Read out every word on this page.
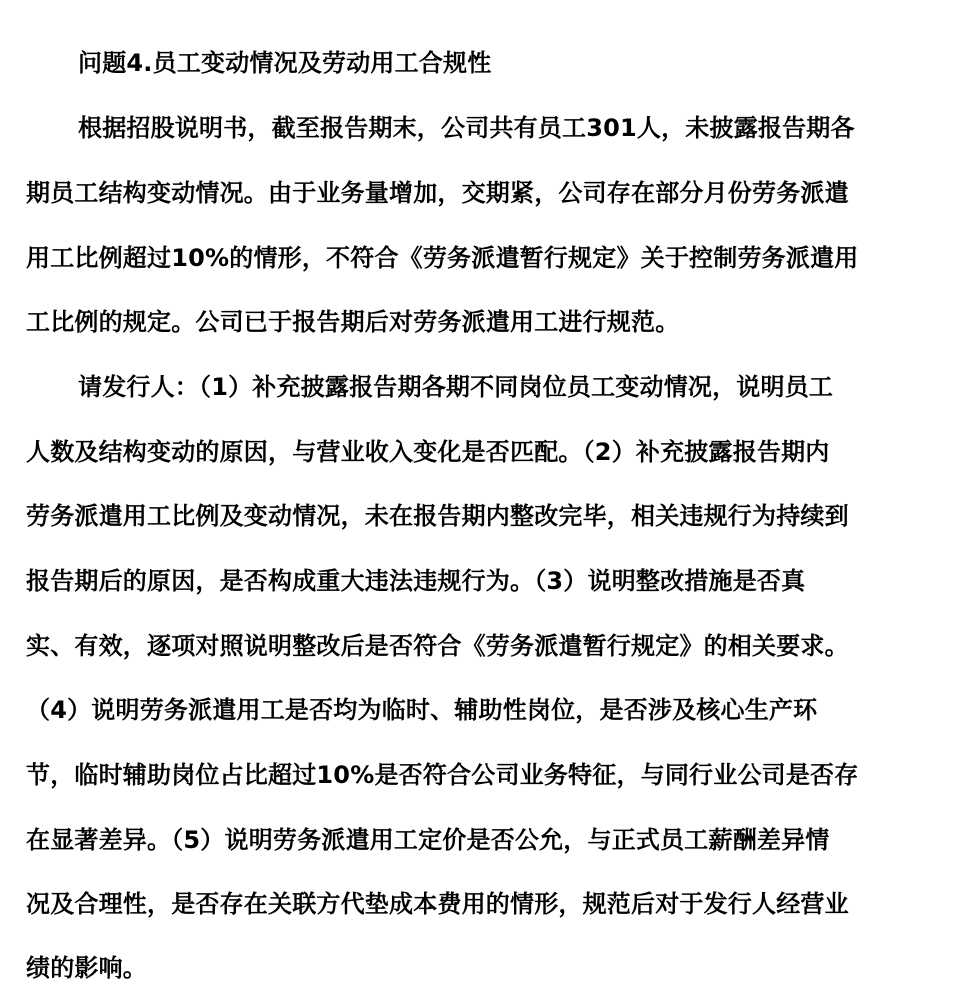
问题4.员工变动情况及劳动用工合规性
根据招股说明书，截至报告期末，公司共有员工301人，未披露报告期各
期员工结构变动情况。由于业务量增加，交期紧，公司存在部分月份劳务派遣
用工比例超过10%的情形，不符合《劳务派遣暂行规定》关于控制劳务派遣用
工比例的规定。公司已于报告期后对劳务派遣用工进行规范。
请发行人：（1）补充披露报告期各期不同岗位员工变动情况，说明员工
人数及结构变动的原因，与营业收入变化是否匹配。（2）补充披露报告期内
劳务派遣用工比例及变动情况，未在报告期内整改完毕，相关违规行为持续到
报告期后的原因，是否构成重大违法违规行为。（3）说明整改措施是否真
实、有效，逐项对照说明整改后是否符合《劳务派遣暂行规定》的相关要求。
（4）说明劳务派遣用工是否均为临时、辅助性岗位，是否涉及核心生产环
节，临时辅助岗位占比超过10%是否符合公司业务特征，与同行业公司是否存
在显著差异。（5）说明劳务派遣用工定价是否公允，与正式员工薪酬差异情
况及合理性，是否存在关联方代垫成本费用的情形，规范后对于发行人经营业
绩的影响。
